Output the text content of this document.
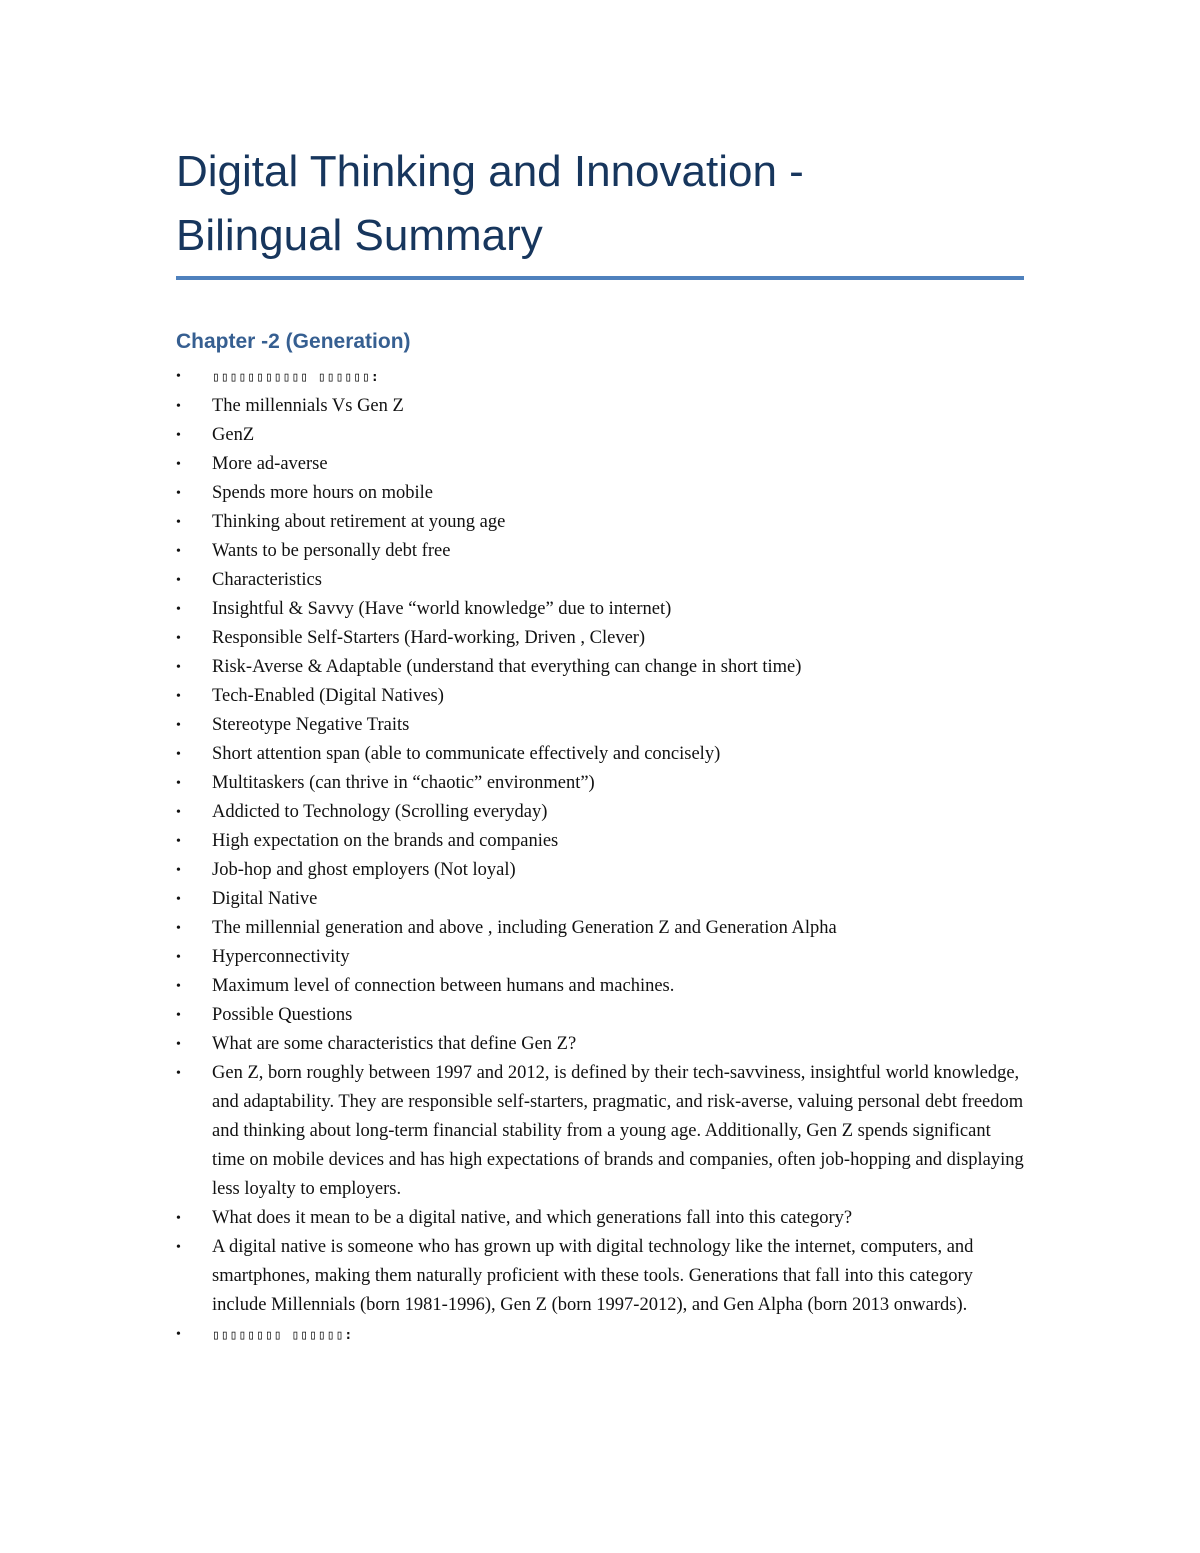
Digital Thinking and Innovation -
Bilingual Summary
Chapter -2 (Generation)
• ▯▯▯▯▯▯▯▯▯▯▯ ▯▯▯▯▯▯:
• The millennials Vs Gen Z
• GenZ
• More ad-averse
• Spends more hours on mobile
• Thinking about retirement at young age
• Wants to be personally debt free
• Characteristics
• Insightful & Savvy (Have “world knowledge” due to internet)
• Responsible Self-Starters (Hard-working, Driven , Clever)
• Risk-Averse & Adaptable (understand that everything can change in short time)
• Tech-Enabled (Digital Natives)
• Stereotype Negative Traits
• Short attention span (able to communicate effectively and concisely)
• Multitaskers (can thrive in “chaotic” environment”)
• Addicted to Technology (Scrolling everyday)
• High expectation on the brands and companies
• Job-hop and ghost employers (Not loyal)
• Digital Native
• The millennial generation and above , including Generation Z and Generation Alpha
• Hyperconnectivity
• Maximum level of connection between humans and machines.
• Possible Questions
• What are some characteristics that define Gen Z?
• Gen Z, born roughly between 1997 and 2012, is defined by their tech-savviness, insightful world knowledge, and adaptability. They are responsible self-starters, pragmatic, and risk-averse, valuing personal debt freedom and thinking about long-term financial stability from a young age. Additionally, Gen Z spends significant time on mobile devices and has high expectations of brands and companies, often job-hopping and displaying less loyalty to employers.
• What does it mean to be a digital native, and which generations fall into this category?
• A digital native is someone who has grown up with digital technology like the internet, computers, and smartphones, making them naturally proficient with these tools. Generations that fall into this category include Millennials (born 1981-1996), Gen Z (born 1997-2012), and Gen Alpha (born 2013 onwards).
• ▯▯▯▯▯▯▯▯ ▯▯▯▯▯▯:
